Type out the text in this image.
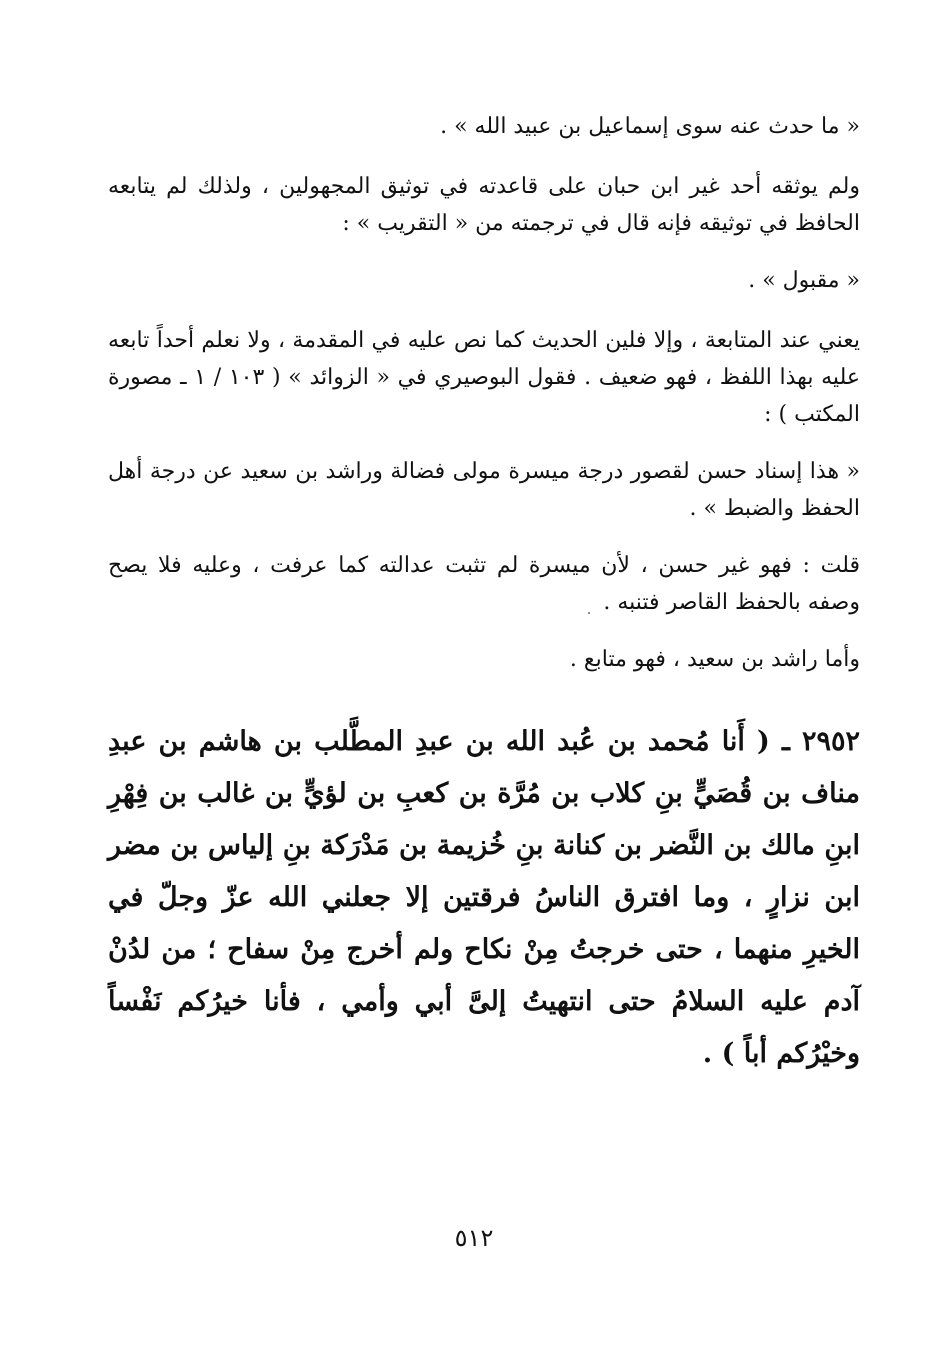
« ما حدث عنه سوى إسماعيل بن عبيد الله » .

ولم يوثقه أحد غير ابن حبان على قاعدته في توثيق المجهولين ، ولذلك لم يتابعه الحافظ في توثيقه فإنه قال في ترجمته من « التقريب » :

« مقبول » .

يعني عند المتابعة ، وإلا فلين الحديث كما نص عليه في المقدمة ، ولا نعلم أحداً تابعه عليه بهذا اللفظ ، فهو ضعيف . فقول البوصيري في « الزوائد » ( ١٠٣ / ١ ـ مصورة المكتب ) :

« هذا إسناد حسن لقصور درجة ميسرة مولى فضالة وراشد بن سعيد عن درجة أهل الحفظ والضبط » .

قلت : فهو غير حسن ، لأن ميسرة لم تثبت عدالته كما عرفت ، وعليه فلا يصح وصفه بالحفظ القاصر فتنبه .

وأما راشد بن سعيد ، فهو متابع .

٢٩٥٢ ـ ( أَنا مُحمد بن عُبد الله بن عبدِ المطَّلب بن هاشم بن عبدِ مناف بن قُصَيٍّ بنِ كلاب بن مُرَّة بن كعبِ بن لؤيٍّ بن غالب بن فِهْرِ ابنِ مالك بن النَّضر بن كنانة بنِ خُزيمة بن مَدْرَكة بنِ إلياس بن مضر ابن نزارٍ ، وما افترق الناسُ فرقتين إلا جعلني الله عزّ وجلّ في الخيرِ منهما ، حتى خرجتُ مِنْ نكاح ولم أخرج مِنْ سفاح ؛ من لدُنْ آدم عليه السلامُ حتى انتهيتُ إلىَّ أبي وأمي ، فأنا خيرُكم نَفْساً وخيْرُكم أباً ) .

٥١٢
